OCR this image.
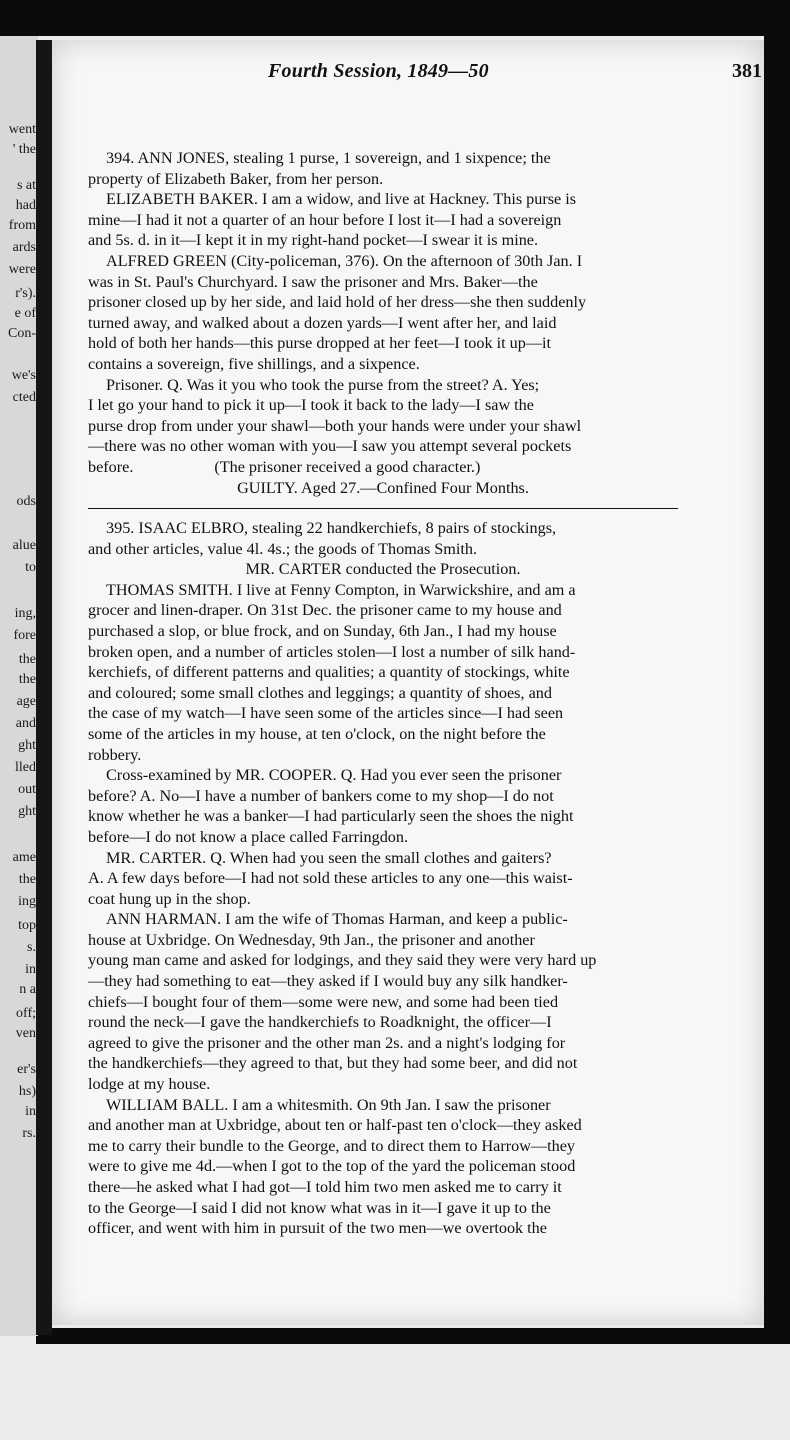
went
' the
s at
had
from
ards
were
r's).
e of
Con-
we's
cted
ods
alue
to
ing,
fore
the
the
age
and
ght
lled
out
ght
ame
the
ing
top
s.
in
n a
off;
ven
er's
hs)
in
rs.
Fourth Session, 1849—50	381
394. ANN JONES, stealing 1 purse, 1 sovereign, and 1 sixpence; the
property of Elizabeth Baker, from her person.
ELIZABETH BAKER. I am a widow, and live at Hackney. This purse is
mine—I had it not a quarter of an hour before I lost it—I had a sovereign
and 5s. d. in it—I kept it in my right-hand pocket—I swear it is mine.
ALFRED GREEN (City-policeman, 376). On the afternoon of 30th Jan. I
was in St. Paul's Churchyard. I saw the prisoner and Mrs. Baker—the
prisoner closed up by her side, and laid hold of her dress—she then suddenly
turned away, and walked about a dozen yards—I went after her, and laid
hold of both her hands—this purse dropped at her feet—I took it up—it
contains a sovereign, five shillings, and a sixpence.
Prisoner. Q. Was it you who took the purse from the street? A. Yes;
I let go your hand to pick it up—I took it back to the lady—I saw the
purse drop from under your shawl—both your hands were under your shawl
—there was no other woman with you—I saw you attempt several pockets
before.                    (The prisoner received a good character.)
GUILTY. Aged 27.—Confined Four Months.
395. ISAAC ELBRO, stealing 22 handkerchiefs, 8 pairs of stockings,
and other articles, value 4l. 4s.; the goods of Thomas Smith.
MR. CARTER conducted the Prosecution.
THOMAS SMITH. I live at Fenny Compton, in Warwickshire, and am a
grocer and linen-draper. On 31st Dec. the prisoner came to my house and
purchased a slop, or blue frock, and on Sunday, 6th Jan., I had my house
broken open, and a number of articles stolen—I lost a number of silk hand-
kerchiefs, of different patterns and qualities; a quantity of stockings, white
and coloured; some small clothes and leggings; a quantity of shoes, and
the case of my watch—I have seen some of the articles since—I had seen
some of the articles in my house, at ten o'clock, on the night before the
robbery.
Cross-examined by MR. COOPER. Q. Had you ever seen the prisoner
before? A. No—I have a number of bankers come to my shop—I do not
know whether he was a banker—I had particularly seen the shoes the night
before—I do not know a place called Farringdon.
MR. CARTER. Q. When had you seen the small clothes and gaiters?
A. A few days before—I had not sold these articles to any one—this waist-
coat hung up in the shop.
ANN HARMAN. I am the wife of Thomas Harman, and keep a public-
house at Uxbridge. On Wednesday, 9th Jan., the prisoner and another
young man came and asked for lodgings, and they said they were very hard up
—they had something to eat—they asked if I would buy any silk handker-
chiefs—I bought four of them—some were new, and some had been tied
round the neck—I gave the handkerchiefs to Roadknight, the officer—I
agreed to give the prisoner and the other man 2s. and a night's lodging for
the handkerchiefs—they agreed to that, but they had some beer, and did not
lodge at my house.
WILLIAM BALL. I am a whitesmith. On 9th Jan. I saw the prisoner
and another man at Uxbridge, about ten or half-past ten o'clock—they asked
me to carry their bundle to the George, and to direct them to Harrow—they
were to give me 4d.—when I got to the top of the yard the policeman stood
there—he asked what I had got—I told him two men asked me to carry it
to the George—I said I did not know what was in it—I gave it up to the
officer, and went with him in pursuit of the two men—we overtook the
